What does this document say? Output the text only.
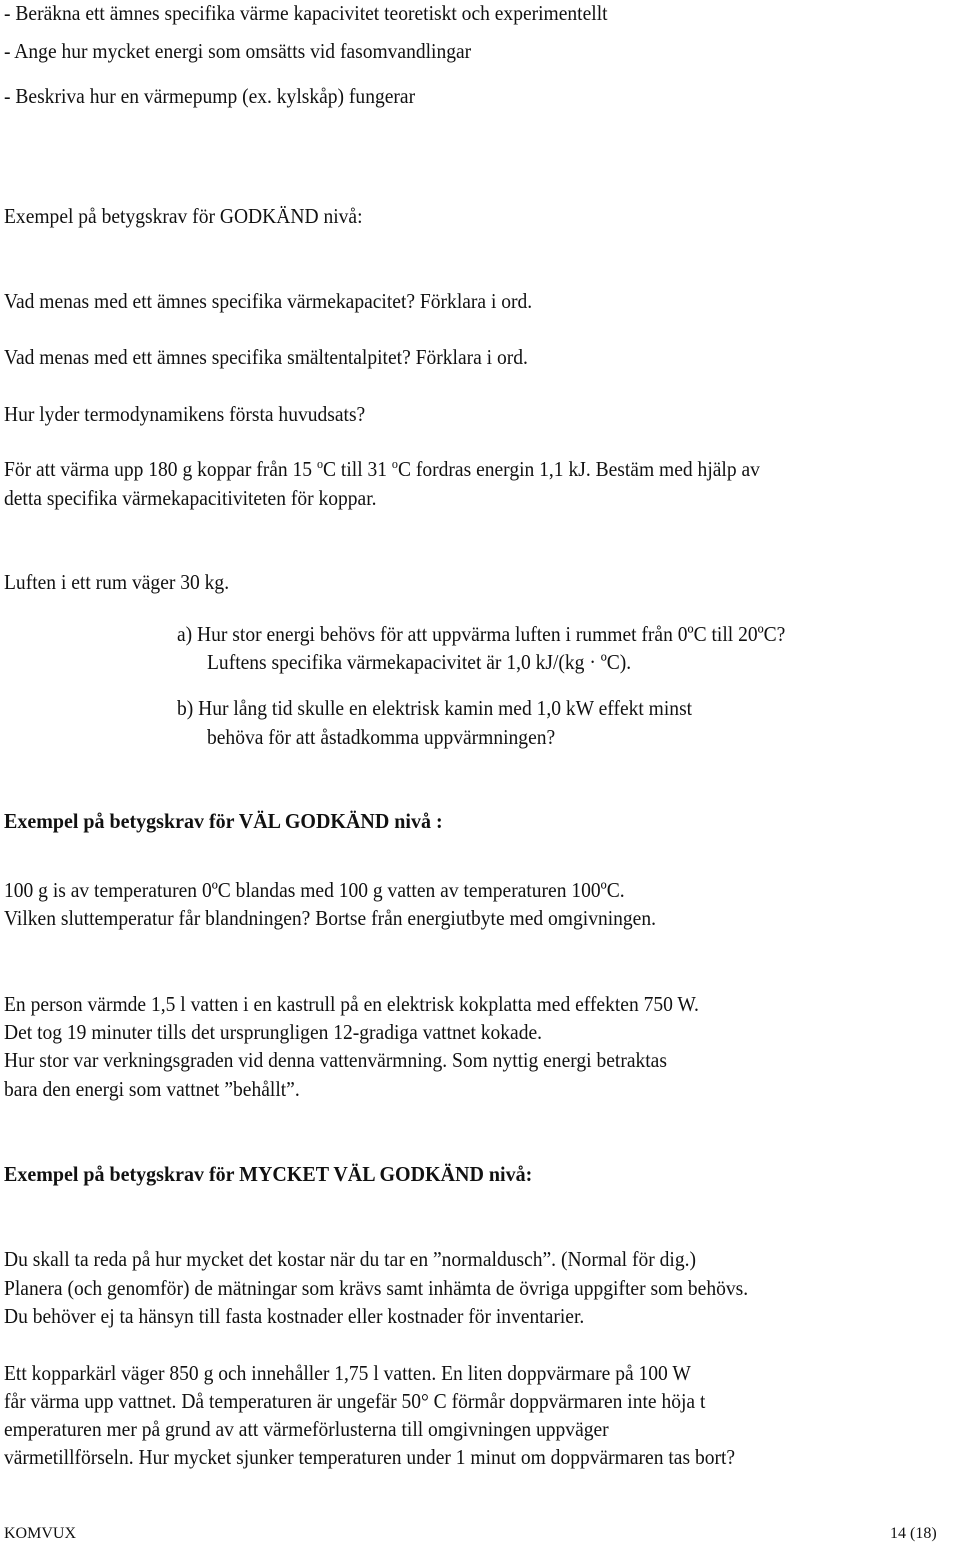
- Beräkna ett ämnes specifika värme kapacivitet teoretiskt och experimentellt
- Ange hur mycket energi som omsätts vid fasomvandlingar
- Beskriva hur en värmepump (ex. kylskåp) fungerar
Exempel på betygskrav för GODKÄND nivå:
Vad menas med ett ämnes specifika värmekapacitet? Förklara i ord.
Vad menas med ett ämnes specifika smältentalpitet? Förklara i ord.
Hur lyder termodynamikens första huvudsats?
För att värma upp 180 g koppar från 15 $^o$C till 31 $^o$C fordras energin 1,1 kJ. Bestäm med hjälp av
detta specifika värmekapacitiviteten för koppar.
Luften i ett rum väger 30 kg.
a) Hur stor energi behövs för att uppvärma luften i rummet från 0ºC till 20ºC?
Luftens specifika värmekapacivitet är 1,0 kJ/(kg · ºC).
b) Hur lång tid skulle en elektrisk kamin med 1,0 kW effekt minst
behöva för att åstadkomma uppvärmningen?
Exempel på betygskrav för VÄL GODKÄND nivå :
100 g is av temperaturen 0ºC blandas med 100 g vatten av temperaturen 100ºC.
Vilken sluttemperatur får blandningen? Bortse från energiutbyte med omgivningen.
En person värmde 1,5 l vatten i en kastrull på en elektrisk kokplatta med effekten 750 W.
Det tog 19 minuter tills det ursprungligen 12-gradiga vattnet kokade.
Hur stor var verkningsgraden vid denna vattenvärmning. Som nyttig energi betraktas
bara den energi som vattnet ”behållt”.
Exempel på betygskrav för MYCKET VÄL GODKÄND nivå:
Du skall ta reda på hur mycket det kostar när du tar en ”normaldusch”. (Normal för dig.)
Planera (och genomför) de mätningar som krävs samt inhämta de övriga uppgifter som behövs.
Du behöver ej ta hänsyn till fasta kostnader eller kostnader för inventarier.
Ett kopparkärl väger 850 g och innehåller 1,75 l vatten. En liten doppvärmare på 100 W
får värma upp vattnet. Då temperaturen är ungefär 50° C förmår doppvärmaren inte höja t
emperaturen mer på grund av att värmeförlusterna till omgivningen uppväger
värmetillförseln. Hur mycket sjunker temperaturen under 1 minut om doppvärmaren tas bort?
KOMVUX	14 (18)
